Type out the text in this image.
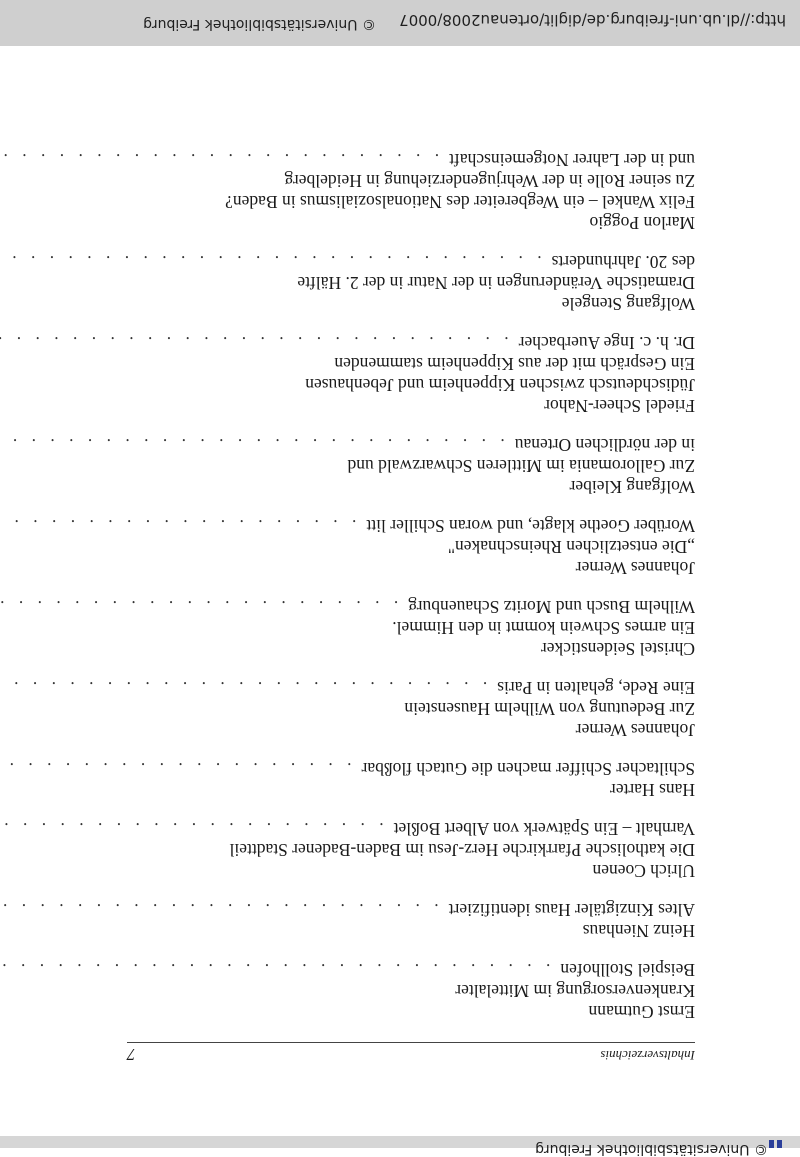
© Universitätsbibliothek Freiburg
7	Inhaltsverzeichnis
Ernst Gutmann
Krankenversorgung im Mittelalter
Beispiel Stollhofen
. . .
Heinz Nienhaus
Altes Kinzigtäler Haus identifiziert
. . .
Ulrich Coenen
Die katholische Pfarrkirche Herz-Jesu im Baden-Badener Stadtteil
Varnhalt – Ein Spätwerk von Albert Boßlet
. . .
Hans Harter
Schiltacher Schiffer machen die Gutach floßbar
. . .
Johannes Werner
Zur Bedeutung von Wilhelm Hausenstein
Eine Rede, gehalten in Paris
. . .
Christel Seidensticker
Ein armes Schwein kommt in den Himmel.
Wilhelm Busch und Moritz Schauenburg
. . .
Johannes Werner
„Die entsetzlichen Rheinschnaken"
Worüber Goethe klagte, und woran Schiller litt
. . .
Wolfgang Kleiber
Zur Galloromania im Mittleren Schwarzwald und
in der nördlichen Ortenau
. . .
Friedel Scheer-Nahor
Jüdischdeutsch zwischen Kippenheim und Jebenhausen
Ein Gespräch mit der aus Kippenheim stammenden
Dr. h. c. Inge Auerbacher
. . .
Wolfgang Stengele
Dramatische Veränderungen in der Natur in der 2. Hälfte
des 20. Jahrhunderts
. . .
Marlon Poggio
Felix Wankel – ein Wegbereiter des Nationalsozialismus in Baden?
Zu seiner Rolle in der Wehrjugenderziehung in Heidelberg
und in der Lahrer Notgemeinschaft
. . .
http://dl.ub.uni-freiburg.de/diglit/ortenau2008/0007
© Universitätsbibliothek Freiburg
